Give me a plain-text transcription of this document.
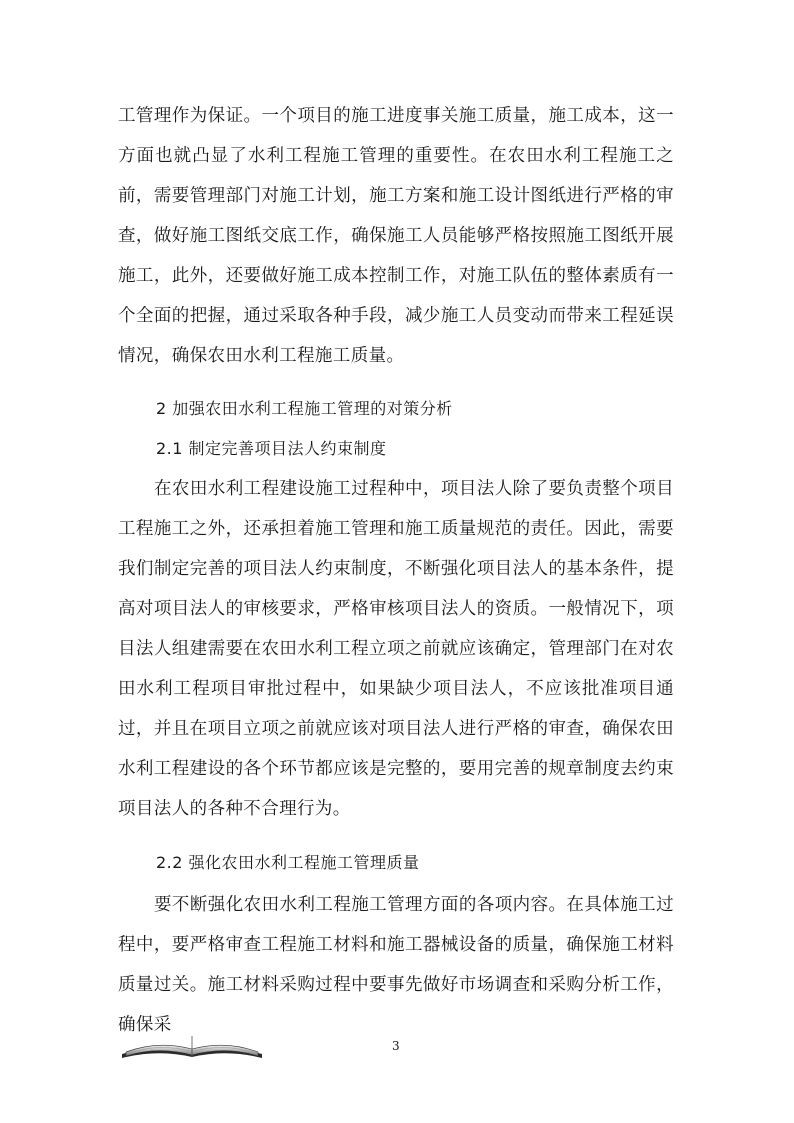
工管理作为保证。一个项目的施工进度事关施工质量，施工成本，这一方面也就凸显了水利工程施工管理的重要性。在农田水利工程施工之前，需要管理部门对施工计划，施工方案和施工设计图纸进行严格的审查，做好施工图纸交底工作，确保施工人员能够严格按照施工图纸开展施工，此外，还要做好施工成本控制工作，对施工队伍的整体素质有一个全面的把握，通过采取各种手段，减少施工人员变动而带来工程延误情况，确保农田水利工程施工质量。

2 加强农田水利工程施工管理的对策分析

2.1 制定完善项目法人约束制度

在农田水利工程建设施工过程种中，项目法人除了要负责整个项目工程施工之外，还承担着施工管理和施工质量规范的责任。因此，需要我们制定完善的项目法人约束制度，不断强化项目法人的基本条件，提高对项目法人的审核要求，严格审核项目法人的资质。一般情况下，项目法人组建需要在农田水利工程立项之前就应该确定，管理部门在对农田水利工程项目审批过程中，如果缺少项目法人，不应该批准项目通过，并且在项目立项之前就应该对项目法人进行严格的审查，确保农田水利工程建设的各个环节都应该是完整的，要用完善的规章制度去约束项目法人的各种不合理行为。

2.2 强化农田水利工程施工管理质量

要不断强化农田水利工程施工管理方面的各项内容。在具体施工过程中，要严格审查工程施工材料和施工器械设备的质量，确保施工材料质量过关。施工材料采购过程中要事先做好市场调查和采购分析工作，确保采

3
